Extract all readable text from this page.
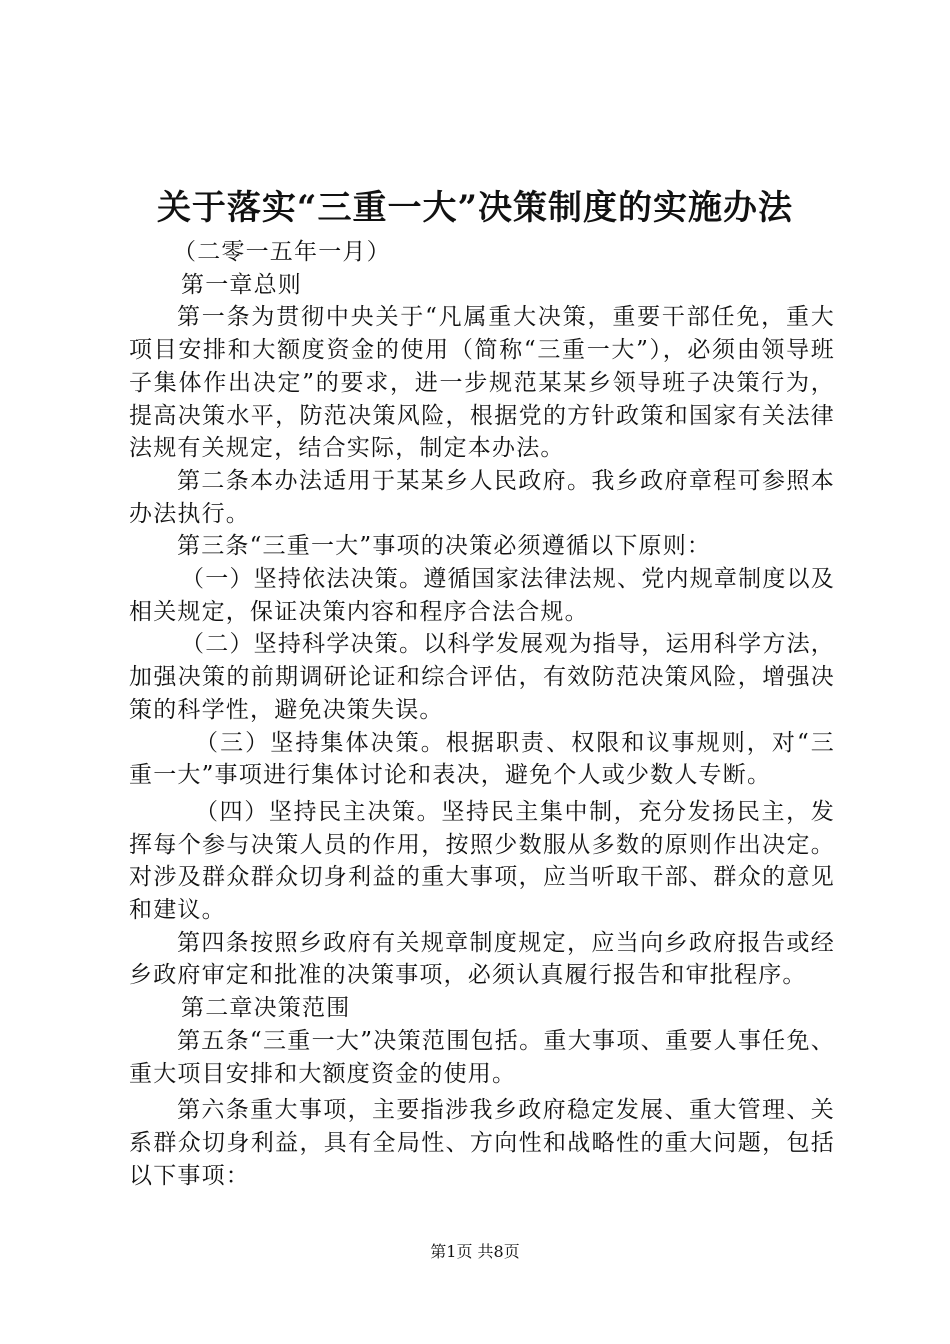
关于落实“三重一大”决策制度的实施办法

（二零一五年一月）

第一章总则

第一条为贯彻中央关于“凡属重大决策，重要干部任免，重大项目安排和大额度资金的使用（简称“三重一大”），必须由领导班子集体作出决定”的要求，进一步规范某某乡领导班子决策行为，提高决策水平，防范决策风险，根据党的方针政策和国家有关法律法规有关规定，结合实际，制定本办法。

第二条本办法适用于某某乡人民政府。我乡政府章程可参照本办法执行。

第三条“三重一大”事项的决策必须遵循以下原则：

（一）坚持依法决策。遵循国家法律法规、党内规章制度以及相关规定，保证决策内容和程序合法合规。

（二）坚持科学决策。以科学发展观为指导，运用科学方法，加强决策的前期调研论证和综合评估，有效防范决策风险，增强决策的科学性，避免决策失误。

（三）坚持集体决策。根据职责、权限和议事规则，对“三重一大”事项进行集体讨论和表决，避免个人或少数人专断。

（四）坚持民主决策。坚持民主集中制，充分发扬民主，发挥每个参与决策人员的作用，按照少数服从多数的原则作出决定。对涉及群众群众切身利益的重大事项，应当听取干部、群众的意见和建议。

第四条按照乡政府有关规章制度规定，应当向乡政府报告或经乡政府审定和批准的决策事项，必须认真履行报告和审批程序。

第二章决策范围

第五条“三重一大”决策范围包括。重大事项、重要人事任免、重大项目安排和大额度资金的使用。

第六条重大事项，主要指涉我乡政府稳定发展、重大管理、关系群众切身利益，具有全局性、方向性和战略性的重大问题，包括以下事项：

第1页 共8页
